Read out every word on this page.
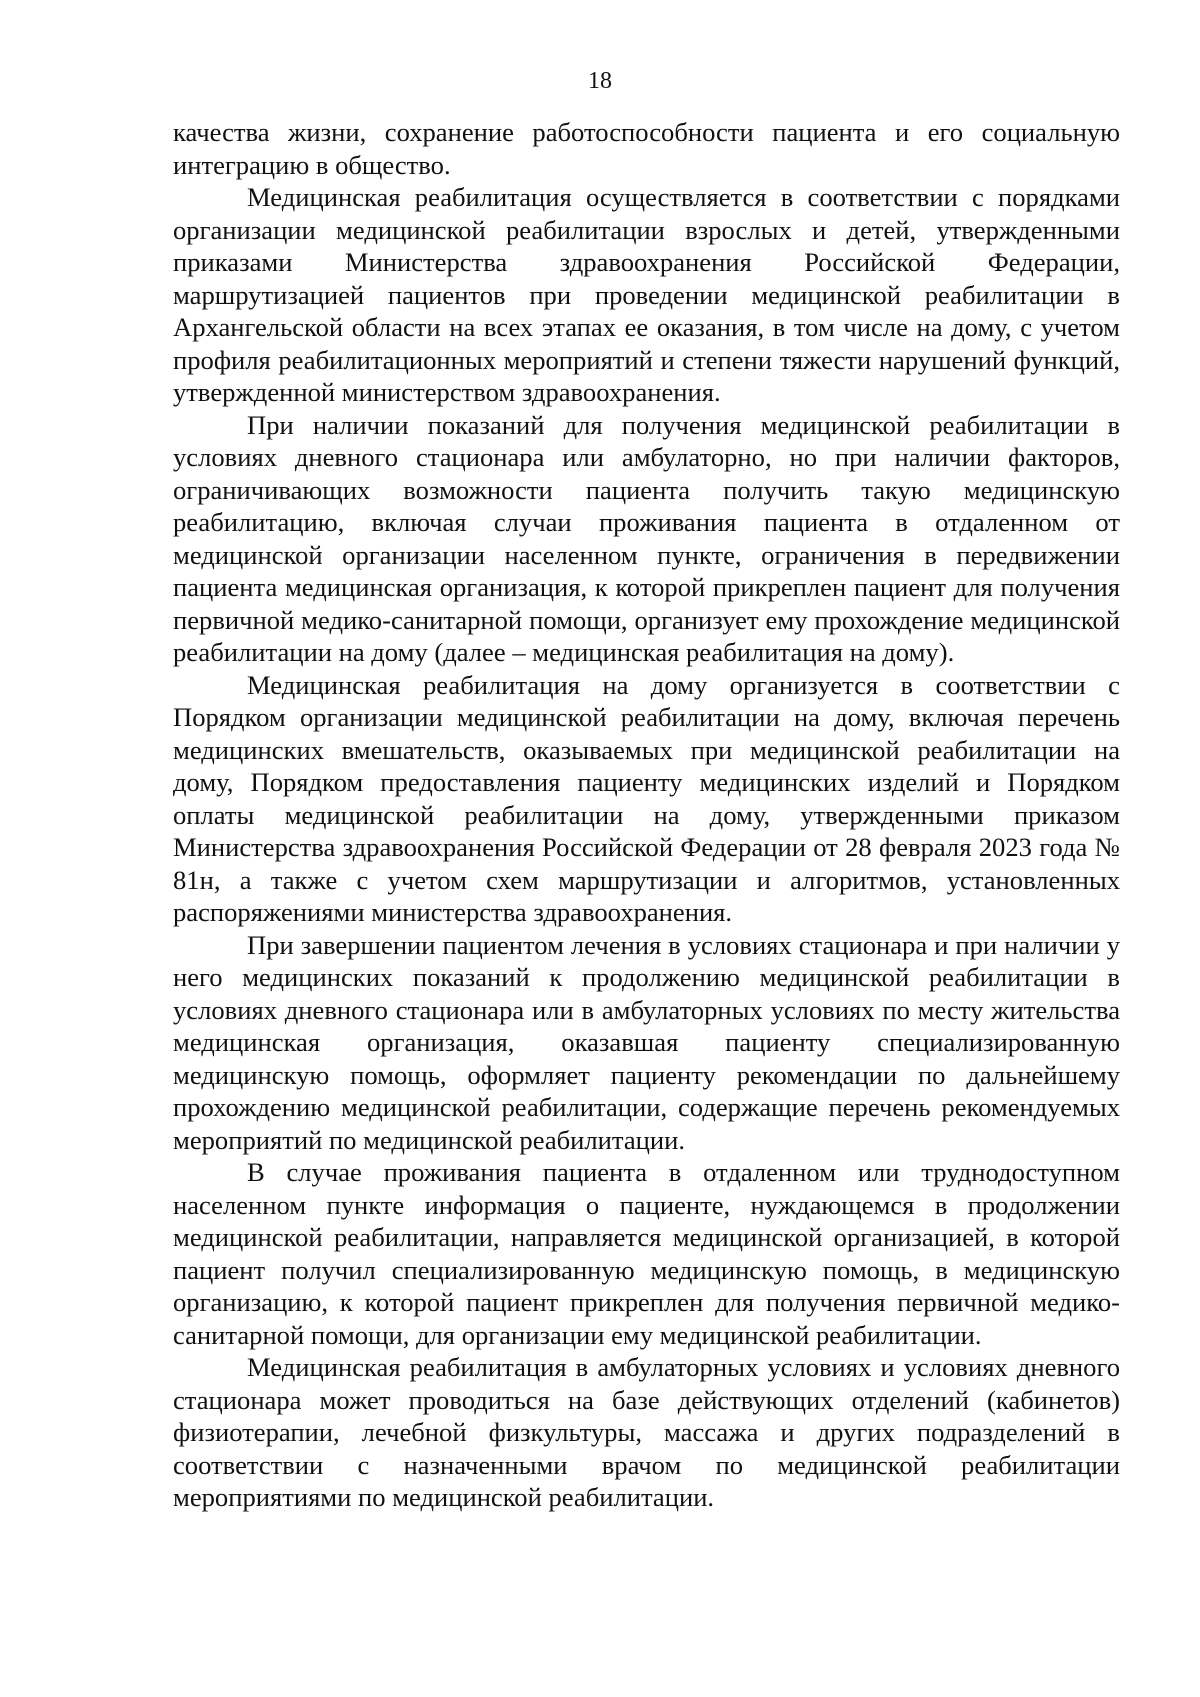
18

качества жизни, сохранение работоспособности пациента и его социальную интеграцию в общество.

Медицинская реабилитация осуществляется в соответствии с порядками организации медицинской реабилитации взрослых и детей, утвержденными приказами Министерства здравоохранения Российской Федерации, маршрутизацией пациентов при проведении медицинской реабилитации в Архангельской области на всех этапах ее оказания, в том числе на дому, с учетом профиля реабилитационных мероприятий и степени тяжести нарушений функций, утвержденной министерством здравоохранения.

При наличии показаний для получения медицинской реабилитации в условиях дневного стационара или амбулаторно, но при наличии факторов, ограничивающих возможности пациента получить такую медицинскую реабилитацию, включая случаи проживания пациента в отдаленном от медицинской организации населенном пункте, ограничения в передвижении пациента медицинская организация, к которой прикреплен пациент для получения первичной медико-санитарной помощи, организует ему прохождение медицинской реабилитации на дому (далее – медицинская реабилитация на дому).

Медицинская реабилитация на дому организуется в соответствии с Порядком организации медицинской реабилитации на дому, включая перечень медицинских вмешательств, оказываемых при медицинской реабилитации на дому, Порядком предоставления пациенту медицинских изделий и Порядком оплаты медицинской реабилитации на дому, утвержденными приказом Министерства здравоохранения Российской Федерации от 28 февраля 2023 года № 81н, а также с учетом схем маршрутизации и алгоритмов, установленных распоряжениями министерства здравоохранения.

При завершении пациентом лечения в условиях стационара и при наличии у него медицинских показаний к продолжению медицинской реабилитации в условиях дневного стационара или в амбулаторных условиях по месту жительства медицинская организация, оказавшая пациенту специализированную медицинскую помощь, оформляет пациенту рекомендации по дальнейшему прохождению медицинской реабилитации, содержащие перечень рекомендуемых мероприятий по медицинской реабилитации.

В случае проживания пациента в отдаленном или труднодоступном населенном пункте информация о пациенте, нуждающемся в продолжении медицинской реабилитации, направляется медицинской организацией, в которой пациент получил специализированную медицинскую помощь, в медицинскую организацию, к которой пациент прикреплен для получения первичной медико-санитарной помощи, для организации ему медицинской реабилитации.

Медицинская реабилитация в амбулаторных условиях и условиях дневного стационара может проводиться на базе действующих отделений (кабинетов) физиотерапии, лечебной физкультуры, массажа и других подразделений в соответствии с назначенными врачом по медицинской реабилитации мероприятиями по медицинской реабилитации.
